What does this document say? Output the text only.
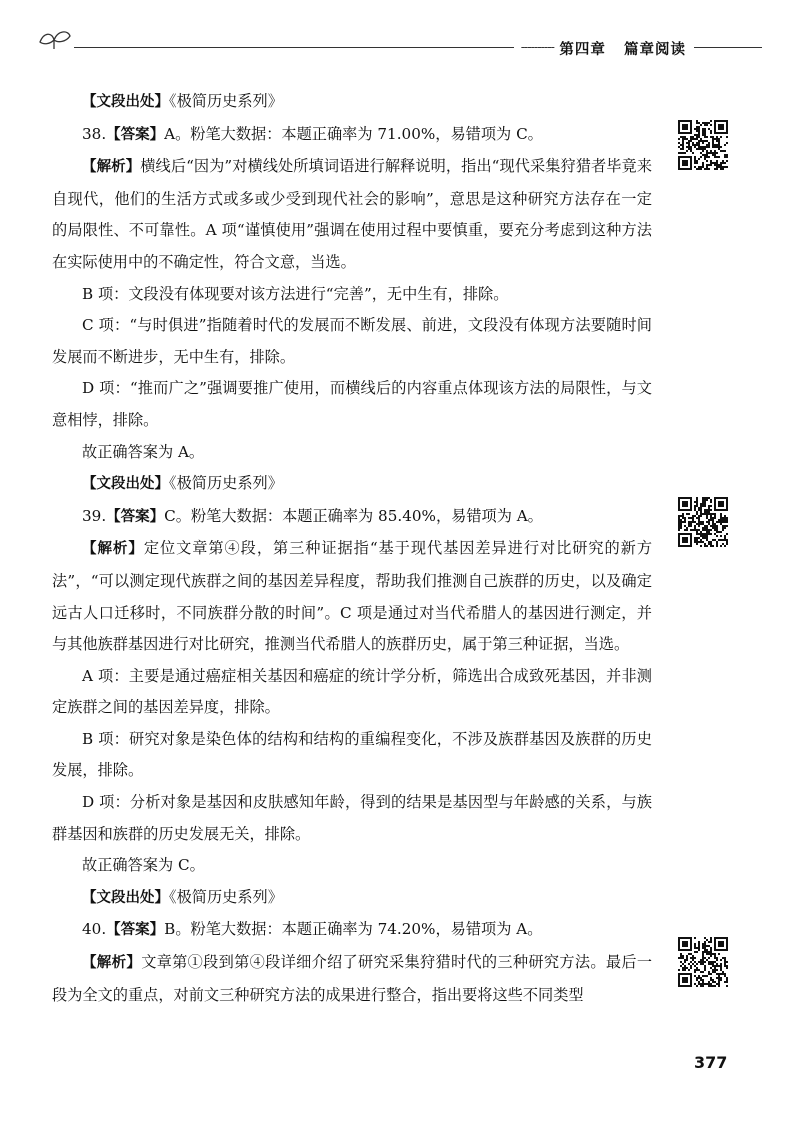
---------- 第四章 篇章阅读

【文段出处】《极简历史系列》

38.【答案】A。粉笔大数据：本题正确率为 71.00%，易错项为 C。

【解析】横线后“因为”对横线处所填词语进行解释说明，指出“现代采集狩猎者毕竟来自现代，他们的生活方式或多或少受到现代社会的影响”，意思是这种研究方法存在一定的局限性、不可靠性。A 项“谨慎使用”强调在使用过程中要慎重，要充分考虑到这种方法在实际使用中的不确定性，符合文意，当选。

B 项：文段没有体现要对该方法进行“完善”，无中生有，排除。

C 项：“与时俱进”指随着时代的发展而不断发展、前进，文段没有体现方法要随时间发展而不断进步，无中生有，排除。

D 项：“推而广之”强调要推广使用，而横线后的内容重点体现该方法的局限性，与文意相悖，排除。

故正确答案为 A。

【文段出处】《极简历史系列》

39.【答案】C。粉笔大数据：本题正确率为 85.40%，易错项为 A。

【解析】定位文章第④段，第三种证据指“基于现代基因差异进行对比研究的新方法”，“可以测定现代族群之间的基因差异程度，帮助我们推测自己族群的历史，以及确定远古人口迁移时，不同族群分散的时间”。C 项是通过对当代希腊人的基因进行测定，并与其他族群基因进行对比研究，推测当代希腊人的族群历史，属于第三种证据，当选。

A 项：主要是通过癌症相关基因和癌症的统计学分析，筛选出合成致死基因，并非测定族群之间的基因差异度，排除。

B 项：研究对象是染色体的结构和结构的重编程变化，不涉及族群基因及族群的历史发展，排除。

D 项：分析对象是基因和皮肤感知年龄，得到的结果是基因型与年龄感的关系，与族群基因和族群的历史发展无关，排除。

故正确答案为 C。

【文段出处】《极简历史系列》

40.【答案】B。粉笔大数据：本题正确率为 74.20%，易错项为 A。

【解析】文章第①段到第④段详细介绍了研究采集狩猎时代的三种研究方法。最后一段为全文的重点，对前文三种研究方法的成果进行整合，指出要将这些不同类型

377
